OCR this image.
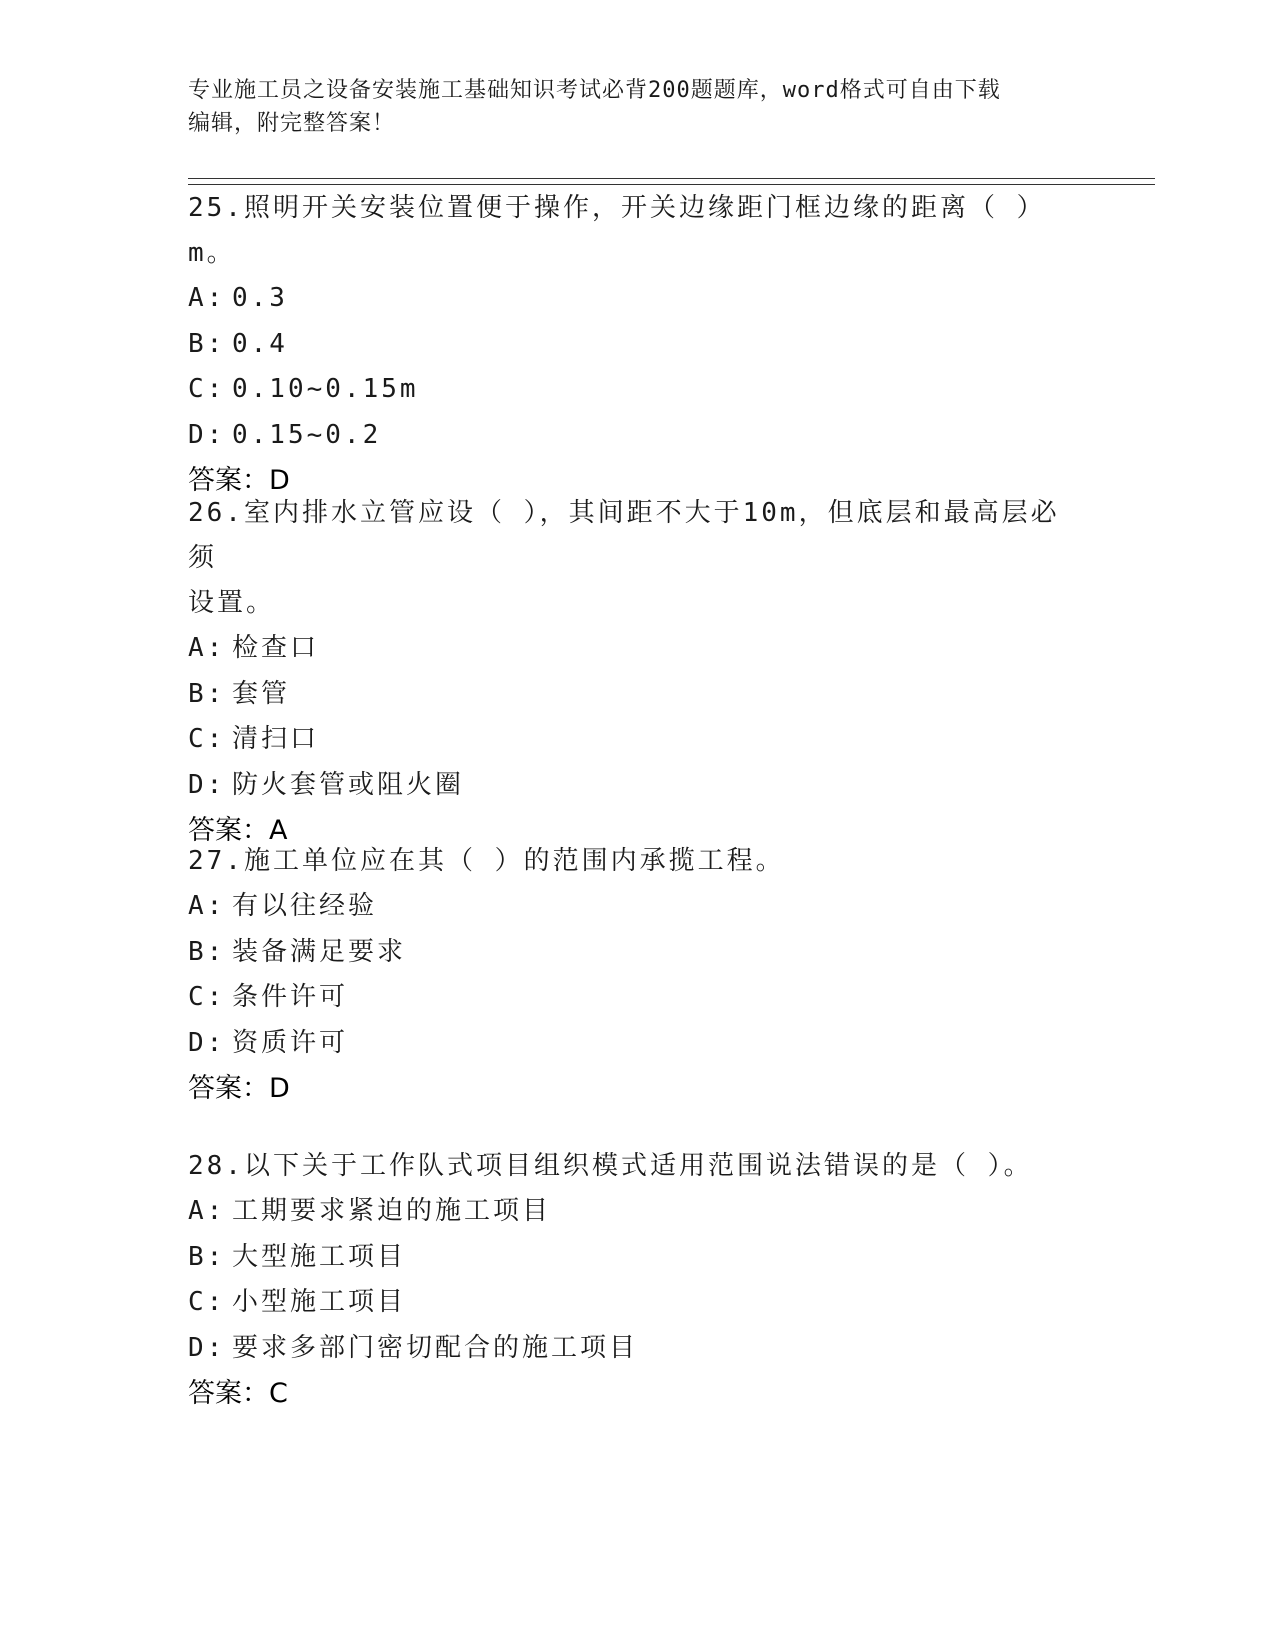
专业施工员之设备安装施工基础知识考试必背200题题库，word格式可自由下载
编辑，附完整答案！

25.照明开关安装位置便于操作，开关边缘距门框边缘的距离（ ）m。

A: 0.3

B: 0.4

C: 0.10~0.15m

D: 0.15~0.2

答案：D

26.室内排水立管应设（ ），其间距不大于10m，但底层和最高层必须

设置。

A: 检查口

B: 套管

C: 清扫口

D: 防火套管或阻火圈

答案：A

27.施工单位应在其（ ）的范围内承揽工程。

A: 有以往经验

B: 装备满足要求

C: 条件许可

D: 资质许可

答案：D

28.以下关于工作队式项目组织模式适用范围说法错误的是（ ）。

A: 工期要求紧迫的施工项目

B: 大型施工项目

C: 小型施工项目

D: 要求多部门密切配合的施工项目

答案：C
